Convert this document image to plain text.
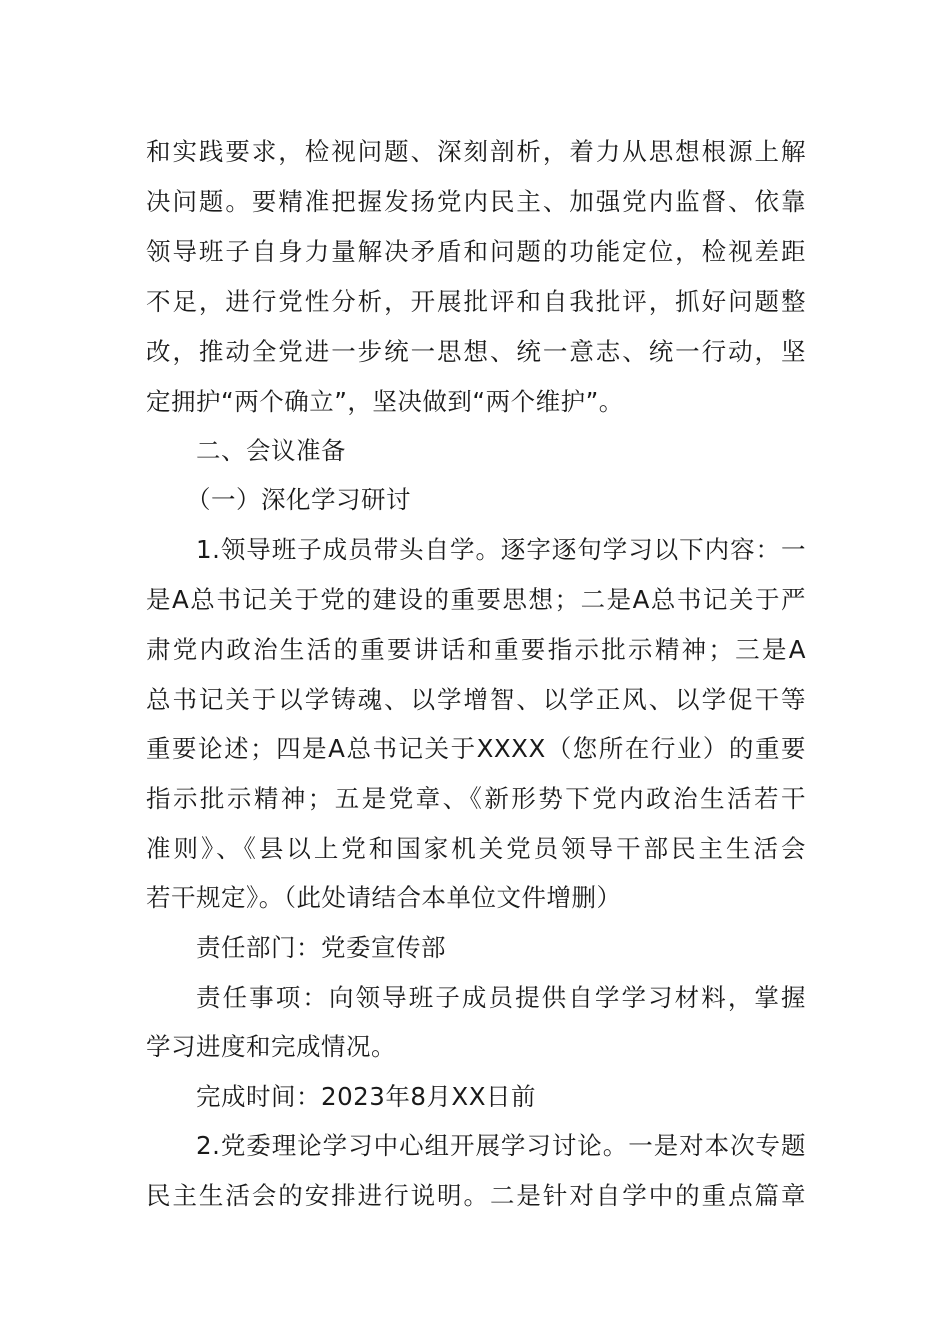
和实践要求，检视问题、深刻剖析，着力从思想根源上解
决问题。要精准把握发扬党内民主、加强党内监督、依靠
领导班子自身力量解决矛盾和问题的功能定位，检视差距
不足，进行党性分析，开展批评和自我批评，抓好问题整
改，推动全党进一步统一思想、统一意志、统一行动，坚
定拥护“两个确立”，坚决做到“两个维护”。
二、会议准备
（一）深化学习研讨
1.领导班子成员带头自学。逐字逐句学习以下内容：一
是A总书记关于党的建设的重要思想；二是A总书记关于严
肃党内政治生活的重要讲话和重要指示批示精神；三是A
总书记关于以学铸魂、以学增智、以学正风、以学促干等
重要论述；四是A总书记关于XXXX（您所在行业）的重要
指示批示精神；五是党章、《新形势下党内政治生活若干
准则》、《县以上党和国家机关党员领导干部民主生活会
若干规定》。（此处请结合本单位文件增删）
责任部门：党委宣传部
责任事项：向领导班子成员提供自学学习材料，掌握
学习进度和完成情况。
完成时间：2023年8月XX日前
2.党委理论学习中心组开展学习讨论。一是对本次专题
民主生活会的安排进行说明。二是针对自学中的重点篇章
